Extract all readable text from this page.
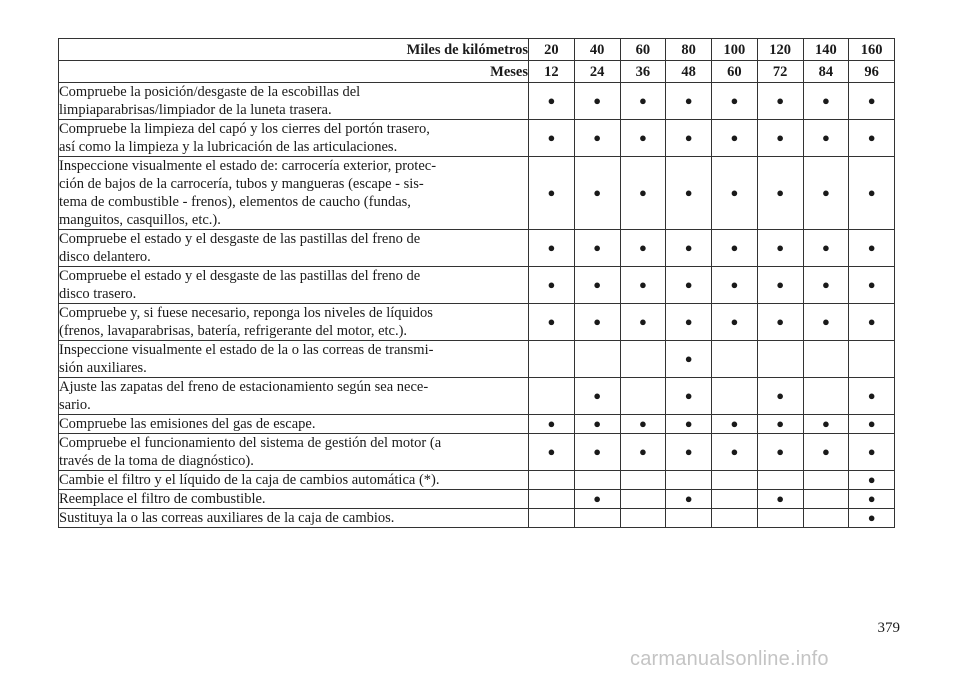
Miles de kilómetros	20	40	60	80	100	120	140	160
Meses	12	24	36	48	60	72	84	96
Compruebe la posición/desgaste de la escobillas del
limpiaparabrisas/limpiador de la luneta trasera.	●	●	●	●	●	●	●	●
Compruebe la limpieza del capó y los cierres del portón trasero,
así como la limpieza y la lubricación de las articulaciones.	●	●	●	●	●	●	●	●
Inspeccione visualmente el estado de: carrocería exterior, protec-
ción de bajos de la carrocería, tubos y mangueras (escape - sis-
tema de combustible - frenos), elementos de caucho (fundas,
manguitos, casquillos, etc.).	●	●	●	●	●	●	●	●
Compruebe el estado y el desgaste de las pastillas del freno de
disco delantero.	●	●	●	●	●	●	●	●
Compruebe el estado y el desgaste de las pastillas del freno de
disco trasero.	●	●	●	●	●	●	●	●
Compruebe y, si fuese necesario, reponga los niveles de líquidos
(frenos, lavaparabrisas, batería, refrigerante del motor, etc.).	●	●	●	●	●	●	●	●
Inspeccione visualmente el estado de la o las correas de transmi-
sión auxiliares.				●				
Ajuste las zapatas del freno de estacionamiento según sea nece-
sario.		●		●		●		●
Compruebe las emisiones del gas de escape.	●	●	●	●	●	●	●	●
Compruebe el funcionamiento del sistema de gestión del motor (a
través de la toma de diagnóstico).	●	●	●	●	●	●	●	●
Cambie el filtro y el líquido de la caja de cambios automática (*).								●
Reemplace el filtro de combustible.		●		●		●		●
Sustituya la o las correas auxiliares de la caja de cambios.								●
379
carmanualsonline.info
